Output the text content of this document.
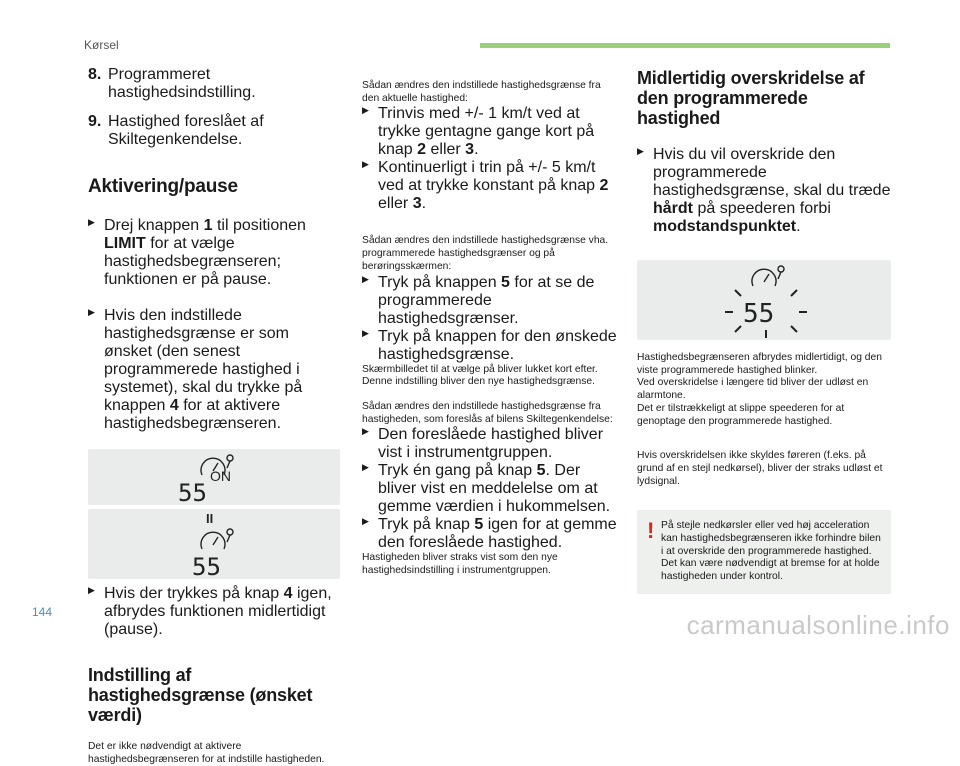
Kørsel
8. Programmeret hastighedsindstilling.
9. Hastighed foreslået af Skiltegenkendelse.
Aktivering/pause
▶ Drej knappen 1 til positionen LIMIT for at vælge hastighedsbegrænseren; funktionen er på pause.
▶ Hvis den indstillede hastighedsgrænse er som ønsket (den senest programmerede hastighed i systemet), skal du trykke på knappen 4 for at aktivere hastighedsbegrænseren.
ON
55
II
55
▶ Hvis der trykkes på knap 4 igen, afbrydes funktionen midlertidigt (pause).
Indstilling af hastighedsgrænse (ønsket værdi)

Det er ikke nødvendigt at aktivere hastighedsbegrænseren for at indstille hastigheden.

Sådan ændres den indstillede hastighedsgrænse fra den aktuelle hastighed:

▶ Trinvis med +/- 1 km/t ved at trykke gentagne gange kort på knap 2 eller 3.
▶ Kontinuerligt i trin på +/- 5 km/t ved at trykke konstant på knap 2 eller 3.

Sådan ændres den indstillede hastighedsgrænse vha. programmerede hastighedsgrænser og på berøringsskærmen:

▶ Tryk på knappen 5 for at se de programmerede hastighedsgrænser.
▶ Tryk på knappen for den ønskede hastighedsgrænse.

Skærmbilledet til at vælge på bliver lukket kort efter.

Denne indstilling bliver den nye hastighedsgrænse.

Sådan ændres den indstillede hastighedsgrænse fra hastigheden, som foreslås af bilens Skiltegenkendelse:

▶ Den foreslåede hastighed bliver vist i instrumentgruppen.
▶ Tryk én gang på knap 5. Der bliver vist en meddelelse om at gemme værdien i hukommelsen.
▶ Tryk på knap 5 igen for at gemme den foreslåede hastighed.

Hastigheden bliver straks vist som den nye hastighedsindstilling i instrumentgruppen.

Midlertidig overskridelse af den programmerede hastighed
▶ Hvis du vil overskride den programmerede hastighedsgrænse, skal du træde hårdt på speederen forbi modstandspunktet.
55

Hastighedsbegrænseren afbrydes midlertidigt, og den viste programmerede hastighed blinker.

Ved overskridelse i længere tid bliver der udløst en alarmtone.

Det er tilstrækkeligt at slippe speederen for at genoptage den programmerede hastighed.

Hvis overskridelsen ikke skyldes føreren (f.eks. på grund af en stejl nedkørsel), bliver der straks udløst et lydsignal.

! På stejle nedkørsler eller ved høj acceleration kan hastighedsbegrænseren ikke forhindre bilen i at overskride den programmerede hastighed.

Det kan være nødvendigt at bremse for at holde hastigheden under kontrol.

144	carmanualsonline.info
